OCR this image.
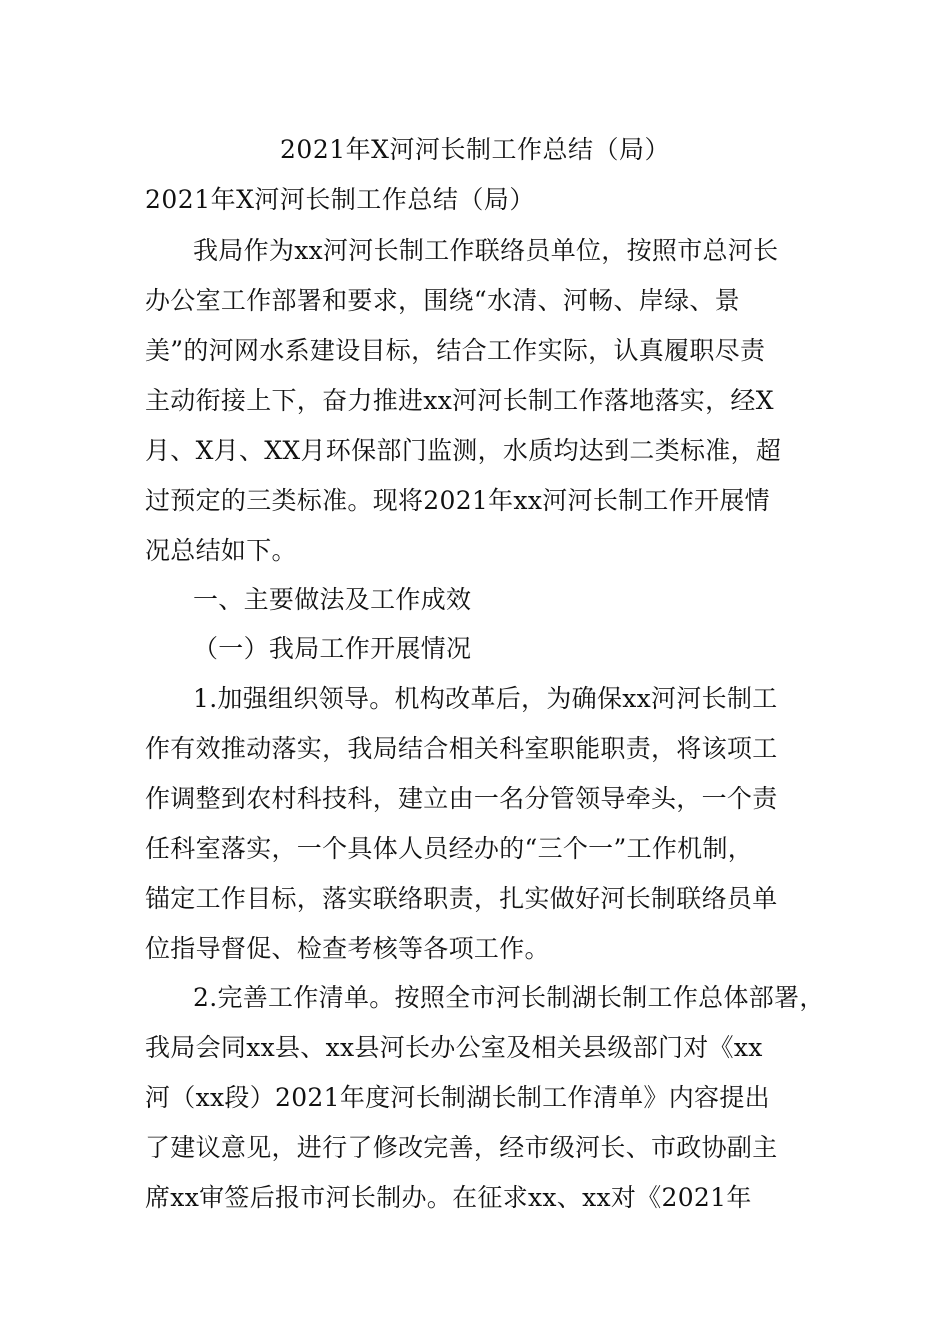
2021年X河河长制工作总结（局）
2021年X河河长制工作总结（局）
我局作为xx河河长制工作联络员单位，按照市总河长
办公室工作部署和要求，围绕“水清、河畅、岸绿、景
美”的河网水系建设目标，结合工作实际，认真履职尽责
主动衔接上下，奋力推进xx河河长制工作落地落实，经X
月、X月、XX月环保部门监测，水质均达到二类标准，超
过预定的三类标准。现将2021年xx河河长制工作开展情
况总结如下。
一、主要做法及工作成效
（一）我局工作开展情况
1.加强组织领导。机构改革后，为确保xx河河长制工
作有效推动落实，我局结合相关科室职能职责，将该项工
作调整到农村科技科，建立由一名分管领导牵头，一个责
任科室落实，一个具体人员经办的“三个一”工作机制，
锚定工作目标，落实联络职责，扎实做好河长制联络员单
位指导督促、检查考核等各项工作。
2.完善工作清单。按照全市河长制湖长制工作总体部署，
我局会同xx县、xx县河长办公室及相关县级部门对《xx
河（xx段）2021年度河长制湖长制工作清单》内容提出
了建议意见，进行了修改完善，经市级河长、市政协副主
席xx审签后报市河长制办。在征求xx、xx对《2021年
